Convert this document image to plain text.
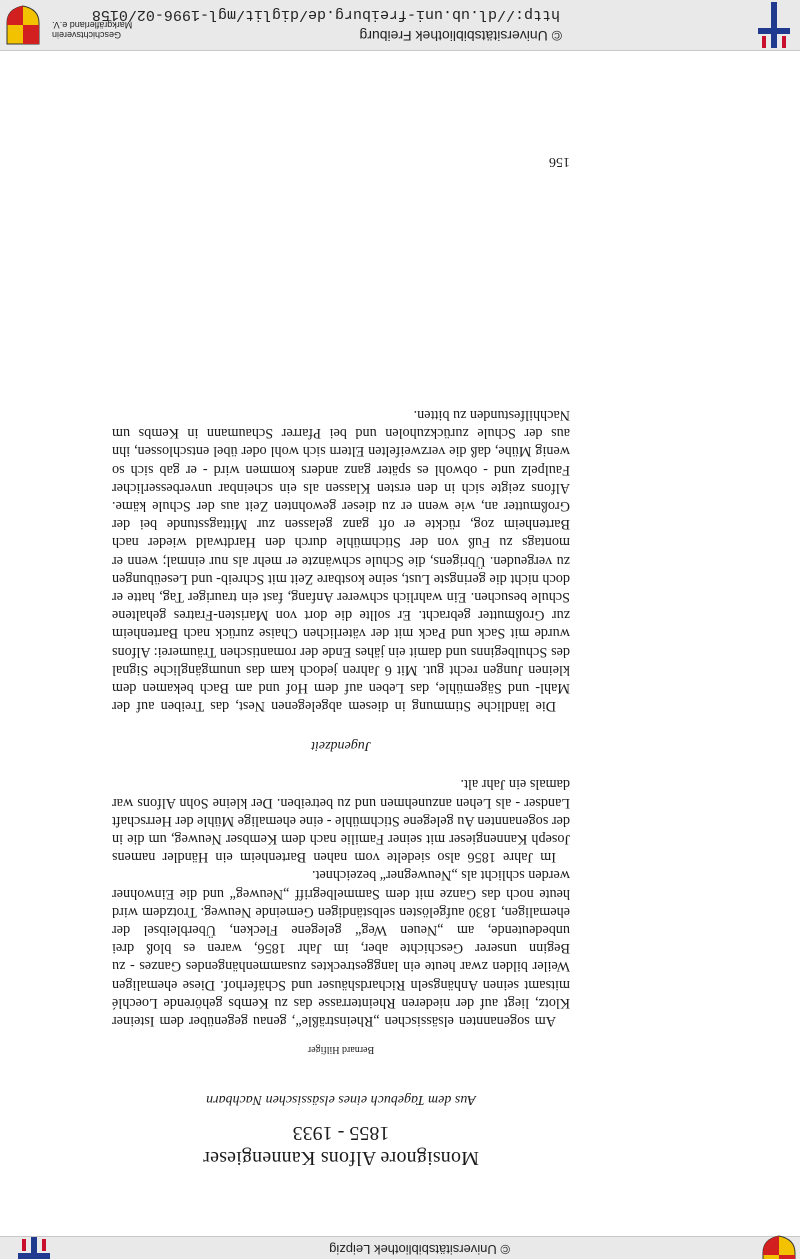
© Universitätsbibliothek Leipzig
Monsignore Alfons Kannengieser
1855 - 1933
Aus dem Tagebuch eines elsässischen Nachbarn
Bernard Hilfiger

Am sogenannten elsässischen „Rheinsträßle“, genau gegenüber dem Isteiner Klotz, liegt auf der niederen Rheinterrasse das zu Kembs gehörende Loechlé mitsamt seinen Anhängseln Richardshäuser und Schäferhof. Diese ehemaligen Weiler bilden zwar heute ein langgestrecktes zusammenhängendes Ganzes - zu Beginn unserer Geschichte aber, im Jahr 1856, waren es bloß drei unbedeutende, am „Neuen Weg“ gelegene Flecken, Überbleibsel der ehemaligen, 1830 aufgelösten selbständigen Gemeinde Neuweg. Trotzdem wird heute noch das Ganze mit dem Sammelbegriff „Neuweg“ und die Einwohner werden schlicht als „Neuwegner“ bezeichnet.

Im Jahre 1856 also siedelte vom nahen Bartenheim ein Händler namens Joseph Kannengieser mit seiner Familie nach dem Kembser Neuweg, um die in der sogenannten Au gelegene Stichmühle - eine ehemalige Mühle der Herrschaft Landser - als Lehen anzunehmen und zu betreiben. Der kleine Sohn Alfons war damals ein Jahr alt.

Jugendzeit

Die ländliche Stimmung in diesem abgelegenen Nest, das Treiben auf der Mahl- und Sägemühle, das Leben auf dem Hof und am Bach bekamen dem kleinen Jungen recht gut. Mit 6 Jahren jedoch kam das unumgängliche Signal des Schulbeginns und damit ein jähes Ende der romantischen Träumerei: Alfons wurde mit Sack und Pack mit der väterlichen Chaise zurück nach Bartenheim zur Großmutter gebracht. Er sollte die dort von Maristen-Fratres gehaltene Schule besuchen. Ein wahrlich schwerer Anfang, fast ein trauriger Tag, hatte er doch nicht die geringste Lust, seine kostbare Zeit mit Schreib- und Leseübungen zu vergeuden. Übrigens, die Schule schwänzte er mehr als nur einmal; wenn er montags zu Fuß von der Stichmühle durch den Hardtwald wieder nach Bartenheim zog, rückte er oft ganz gelassen zur Mittagsstunde bei der Großmutter an, wie wenn er zu dieser gewohnten Zeit aus der Schule käme. Alfons zeigte sich in den ersten Klassen als ein scheinbar unverbesserlicher Faulpelz und - obwohl es später ganz anders kommen wird - er gab sich so wenig Mühe, daß die verzweifelten Eltern sich wohl oder übel entschlossen, ihn aus der Schule zurückzuholen und bei Pfarrer Schaumann in Kembs um Nachhilfestunden zu bitten.

156
© Universitätsbibliothek Freiburg
http://dl.ub.uni-freiburg.de/diglit/mgl-1996-02/0158
Geschichtsverein
Markgräflerland e.V.
